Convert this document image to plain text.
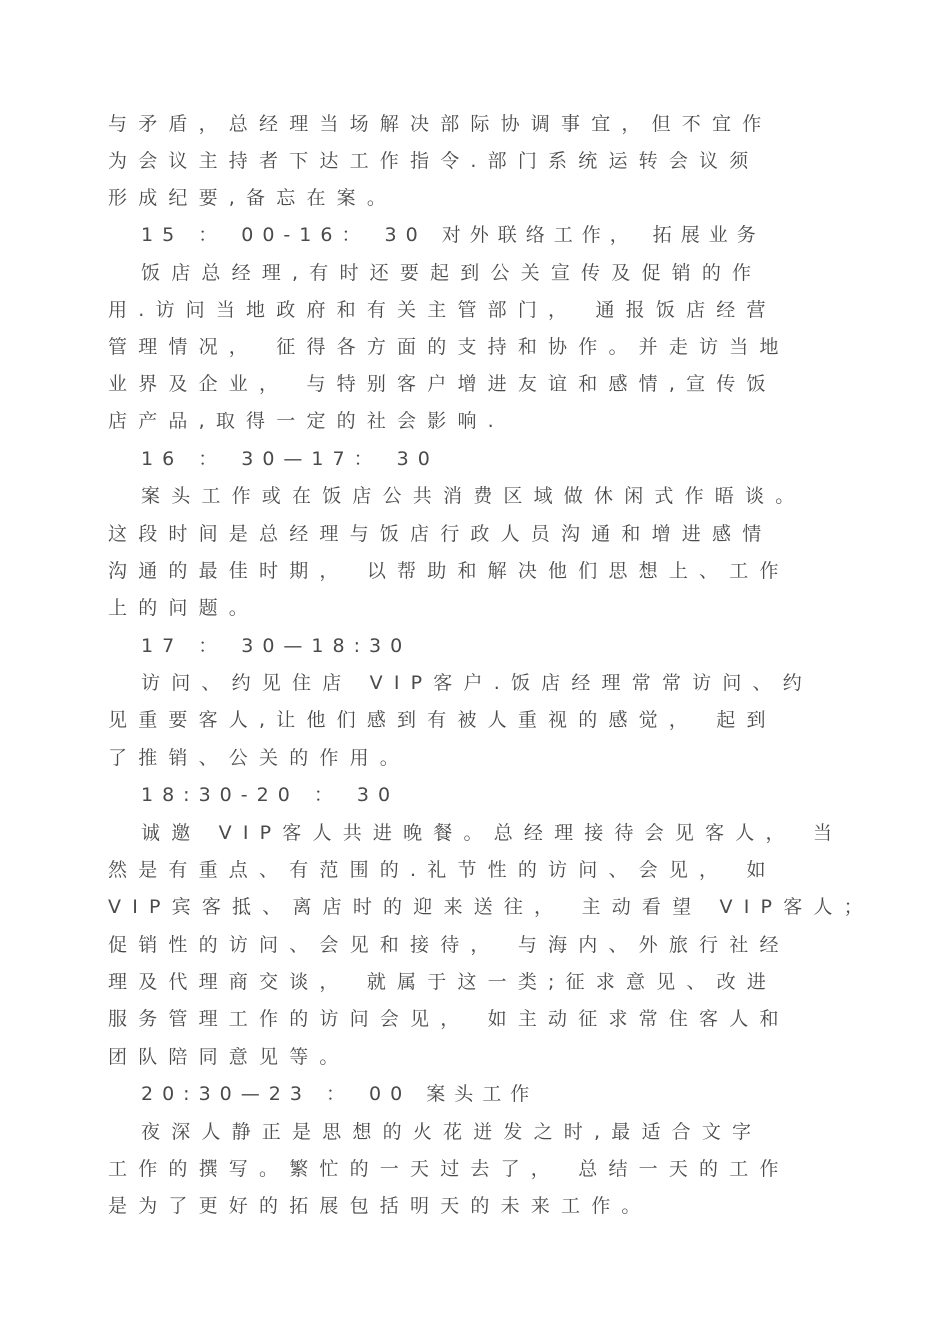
与矛盾，总经理当场解决部际协调事宜，但不宜作
为会议主持者下达工作指令.部门系统运转会议须
形成纪要,备忘在案。
15 ： 00-16： 30 对外联络工作， 拓展业务
饭店总经理,有时还要起到公关宣传及促销的作
用.访问当地政府和有关主管部门， 通报饭店经营
管理情况， 征得各方面的支持和协作。并走访当地
业界及企业， 与特别客户增进友谊和感情,宣传饭
店产品,取得一定的社会影响.
16 ： 30—17： 30
案头工作或在饭店公共消费区域做休闲式作晤谈。
这段时间是总经理与饭店行政人员沟通和增进感情
沟通的最佳时期， 以帮助和解决他们思想上、工作
上的问题。
17 ： 30—18:30
访问、约见住店 VIP客户.饭店经理常常访问、约
见重要客人,让他们感到有被人重视的感觉， 起到
了推销、公关的作用。
18:30-20 ： 30
诚邀 VIP客人共进晚餐。总经理接待会见客人， 当
然是有重点、有范围的.礼节性的访问、会见， 如
VIP宾客抵、离店时的迎来送往， 主动看望 VIP客人；
促销性的访问、会见和接待， 与海内、外旅行社经
理及代理商交谈， 就属于这一类;征求意见、改进
服务管理工作的访问会见， 如主动征求常住客人和
团队陪同意见等。
20:30—23 ： 00 案头工作
夜深人静正是思想的火花迸发之时,最适合文字
工作的撰写。繁忙的一天过去了， 总结一天的工作
是为了更好的拓展包括明天的未来工作。
